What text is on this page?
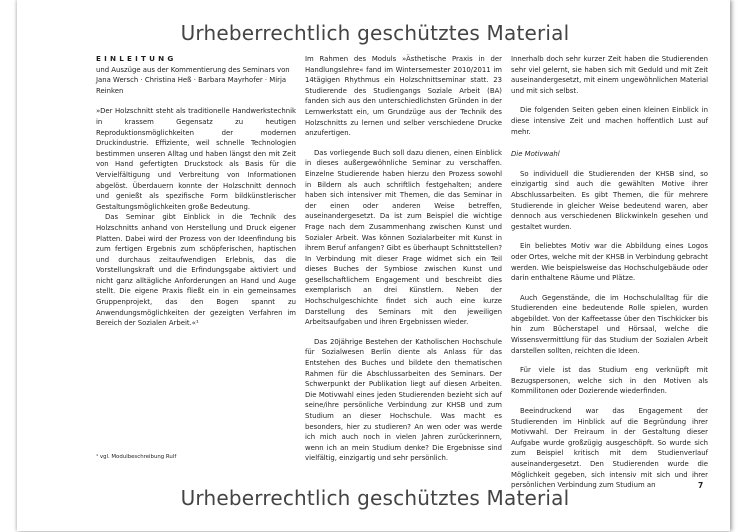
Urheberrechtlich geschütztes Material

EINLEITUNG

und Auszüge aus der Kommentierung des Seminars von Jana Wersch · Christina Heß · Barbara Mayrhofer · Mirja Reinken

»Der Holzschnitt steht als traditionelle Handwerkstechnik in krassem Gegensatz zu heutigen Reproduktionsmöglichkeiten der modernen Druckindustrie. Effiziente, weil schnelle Technologien bestimmen unseren Alltag und haben längst den mit Zeit von Hand gefertigten Druckstock als Basis für die Vervielfältigung und Verbreitung von Informationen abgelöst. Überdauern konnte der Holzschnitt dennoch und genießt als spezifische Form bildkünstlerischer Gestaltungsmöglichkeiten große Bedeutung.

Das Seminar gibt Einblick in die Technik des Holzschnitts anhand von Herstellung und Druck eigener Platten. Dabei wird der Prozess von der Ideenfindung bis zum fertigen Ergebnis zum schöpferischen, haptischen und durchaus zeitaufwendigen Erlebnis, das die Vorstellungskraft und die Erfindungsgabe aktiviert und nicht ganz alltägliche Anforderungen an Hand und Auge stellt. Die eigene Praxis fließt ein in ein gemeinsames Gruppenprojekt, das den Bogen spannt zu Anwendungsmöglichkeiten der gezeigten Verfahren im Bereich der Sozialen Arbeit.«¹

Im Rahmen des Moduls »Ästhetische Praxis in der Handlungslehre« fand im Wintersemester 2010/2011 im 14tägigen Rhythmus ein Holzschnittseminar statt. 23 Studierende des Studiengangs Soziale Arbeit (BA) fanden sich aus den unterschiedlichsten Gründen in der Lernwerkstatt ein, um Grundzüge aus der Technik des Holzschnitts zu lernen und selber verschiedene Drucke anzufertigen.

Das vorliegende Buch soll dazu dienen, einen Einblick in dieses außergewöhnliche Seminar zu verschaffen. Einzelne Studierende haben hierzu den Prozess sowohl in Bildern als auch schriftlich festgehalten; andere haben sich intensiver mit Themen, die das Seminar in der einen oder anderen Weise betreffen, auseinandergesetzt. Da ist zum Beispiel die wichtige Frage nach dem Zusammenhang zwischen Kunst und Sozialer Arbeit. Was können Sozialarbeiter mit Kunst in ihrem Beruf anfangen? Gibt es überhaupt Schnittstellen? In Verbindung mit dieser Frage widmet sich ein Teil dieses Buches der Symbiose zwischen Kunst und gesellschaftlichem Engagement und beschreibt dies exemplarisch an drei Künstlern. Neben der Hochschulgeschichte findet sich auch eine kurze Darstellung des Seminars mit den jeweiligen Arbeitsaufgaben und ihren Ergebnissen wieder.

Das 20jährige Bestehen der Katholischen Hochschule für Sozialwesen Berlin diente als Anlass für das Entstehen des Buches und bildete den thematischen Rahmen für die Abschlussarbeiten des Seminars. Der Schwerpunkt der Publikation liegt auf diesen Arbeiten. Die Motivwahl eines jeden Studierenden bezieht sich auf seine/ihre persönliche Verbindung zur KHSB und zum Studium an dieser Hochschule. Was macht es besonders, hier zu studieren? An wen oder was werde ich mich auch noch in vielen Jahren zurückerinnern, wenn ich an mein Studium denke? Die Ergebnisse sind vielfältig, einzigartig und sehr persönlich.

Innerhalb doch sehr kurzer Zeit haben die Studierenden sehr viel gelernt, sie haben sich mit Geduld und mit Zeit auseinandergesetzt, mit einem ungewöhnlichen Material und mit sich selbst.

Die folgenden Seiten geben einen kleinen Einblick in diese intensive Zeit und machen hoffentlich Lust auf mehr.

Die Motivwahl

So individuell die Studierenden der KHSB sind, so einzigartig sind auch die gewählten Motive ihrer Abschlussarbeiten. Es gibt Themen, die für mehrere Studierende in gleicher Weise bedeutend waren, aber dennoch aus verschiedenen Blickwinkeln gesehen und gestaltet wurden.

Ein beliebtes Motiv war die Abbildung eines Logos oder Ortes, welche mit der KHSB in Verbindung gebracht werden. Wie beispielsweise das Hochschulgebäude oder darin enthaltene Räume und Plätze.

Auch Gegenstände, die im Hochschulalltag für die Studierenden eine bedeutende Rolle spielen, wurden abgebildet. Von der Kaffeetasse über den Tischkicker bis hin zum Bücherstapel und Hörsaal, welche die Wissensvermittlung für das Studium der Sozialen Arbeit darstellen sollten, reichten die Ideen.

Für viele ist das Studium eng verknüpft mit Bezugspersonen, welche sich in den Motiven als Kommilitonen oder Dozierende wiederfinden.

Beeindruckend war das Engagement der Studierenden im Hinblick auf die Begründung ihrer Motivwahl. Der Freiraum in der Gestaltung dieser Aufgabe wurde großzügig ausgeschöpft. So wurde sich zum Beispiel kritisch mit dem Studienverlauf auseinandergesetzt. Den Studierenden wurde die Möglichkeit gegeben, sich intensiv mit sich und ihrer persönlichen Verbindung zum Studium an

¹ vgl. Modulbeschreibung Rulf
7
Urheberrechtlich geschütztes Material
